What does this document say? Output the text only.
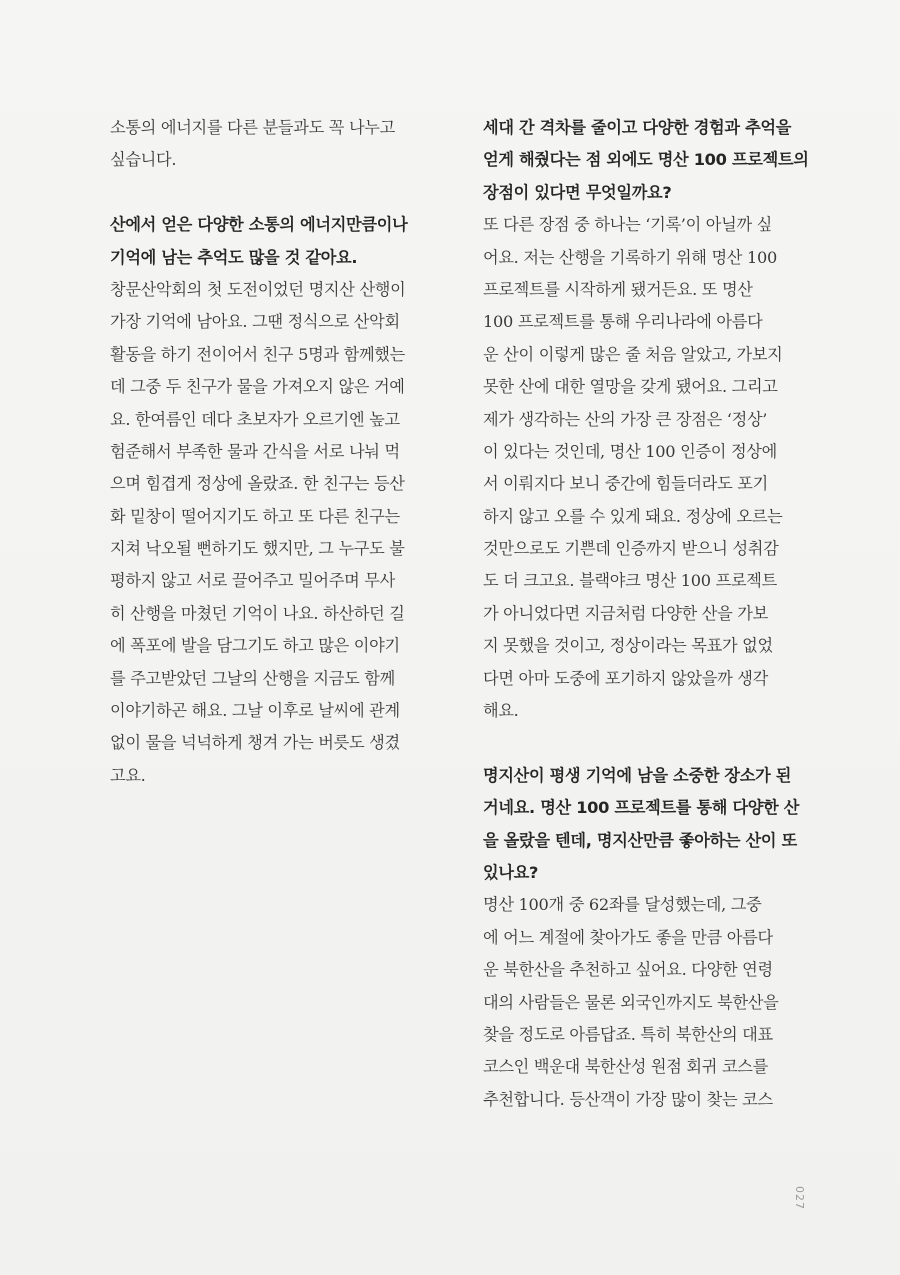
소통의 에너지를 다른 분들과도 꼭 나누고
싶습니다.
산에서 얻은 다양한 소통의 에너지만큼이나
기억에 남는 추억도 많을 것 같아요.
창문산악회의 첫 도전이었던 명지산 산행이
가장 기억에 남아요. 그땐 정식으로 산악회
활동을 하기 전이어서 친구 5명과 함께했는
데 그중 두 친구가 물을 가져오지 않은 거예
요. 한여름인 데다 초보자가 오르기엔 높고
험준해서 부족한 물과 간식을 서로 나눠 먹
으며 힘겹게 정상에 올랐죠. 한 친구는 등산
화 밑창이 떨어지기도 하고 또 다른 친구는
지쳐 낙오될 뻔하기도 했지만, 그 누구도 불
평하지 않고 서로 끌어주고 밀어주며 무사
히 산행을 마쳤던 기억이 나요. 하산하던 길
에 폭포에 발을 담그기도 하고 많은 이야기
를 주고받았던 그날의 산행을 지금도 함께
이야기하곤 해요. 그날 이후로 날씨에 관계
없이 물을 넉넉하게 챙겨 가는 버릇도 생겼
고요.
세대 간 격차를 줄이고 다양한 경험과 추억을
얻게 해줬다는 점 외에도 명산 100 프로젝트의
장점이 있다면 무엇일까요?
또 다른 장점 중 하나는 ‘기록’이 아닐까 싶
어요. 저는 산행을 기록하기 위해 명산 100
프로젝트를 시작하게 됐거든요. 또 명산
100 프로젝트를 통해 우리나라에 아름다
운 산이 이렇게 많은 줄 처음 알았고, 가보지
못한 산에 대한 열망을 갖게 됐어요. 그리고
제가 생각하는 산의 가장 큰 장점은 ‘정상’
이 있다는 것인데, 명산 100 인증이 정상에
서 이뤄지다 보니 중간에 힘들더라도 포기
하지 않고 오를 수 있게 돼요. 정상에 오르는
것만으로도 기쁜데 인증까지 받으니 성취감
도 더 크고요. 블랙야크 명산 100 프로젝트
가 아니었다면 지금처럼 다양한 산을 가보
지 못했을 것이고, 정상이라는 목표가 없었
다면 아마 도중에 포기하지 않았을까 생각
해요.
명지산이 평생 기억에 남을 소중한 장소가 된
거네요. 명산 100 프로젝트를 통해 다양한 산
을 올랐을 텐데, 명지산만큼 좋아하는 산이 또
있나요?
명산 100개 중 62좌를 달성했는데, 그중
에 어느 계절에 찾아가도 좋을 만큼 아름다
운 북한산을 추천하고 싶어요. 다양한 연령
대의 사람들은 물론 외국인까지도 북한산을
찾을 정도로 아름답죠. 특히 북한산의 대표
코스인 백운대 북한산성 원점 회귀 코스를
추천합니다. 등산객이 가장 많이 찾는 코스
027
